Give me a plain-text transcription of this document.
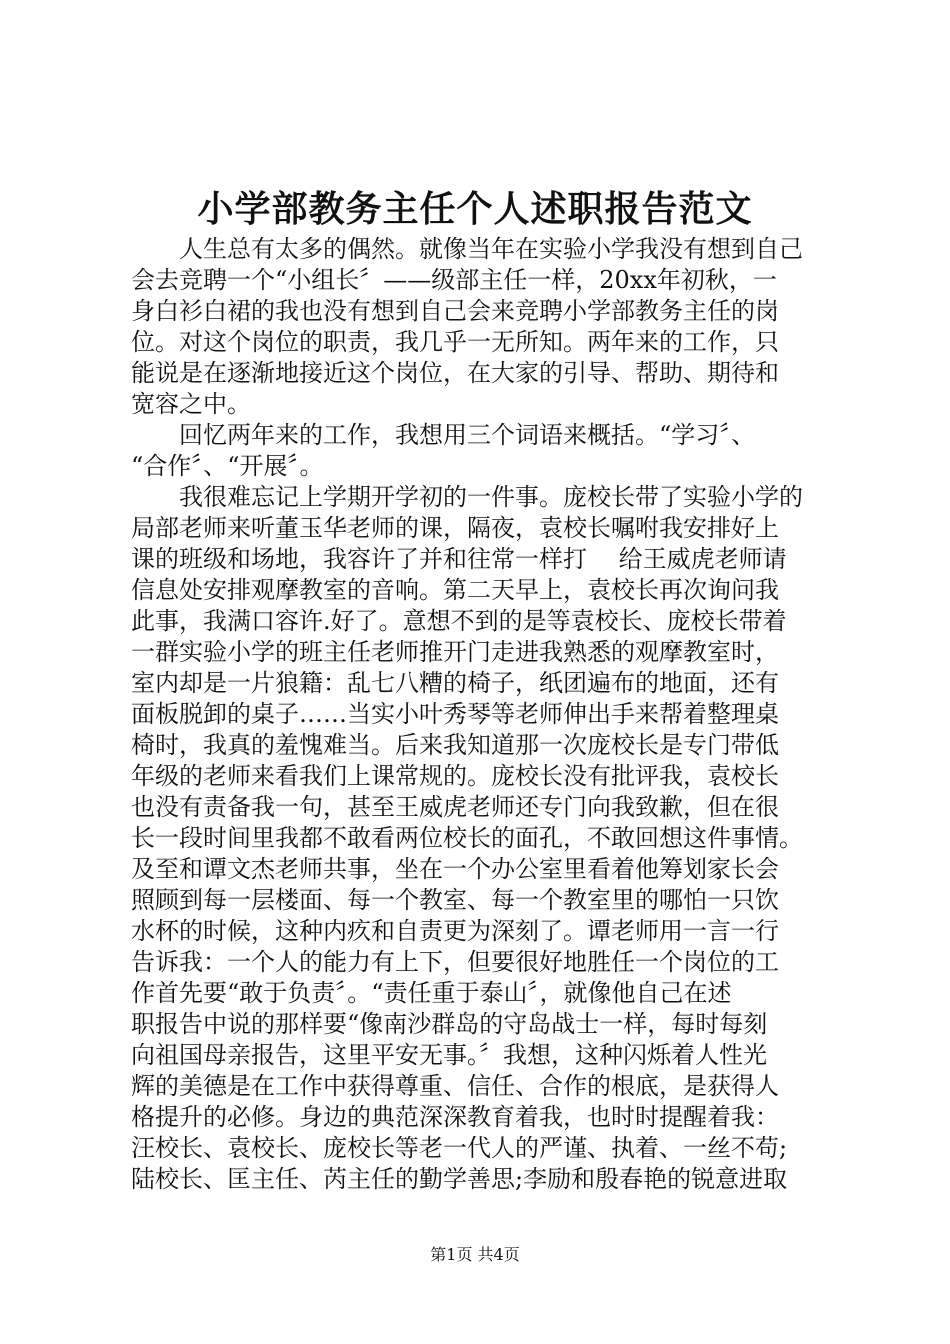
小学部教务主任个人述职报告范文
人生总有太多的偶然。就像当年在实验小学我没有想到自己
会去竞聘一个“小组长〞——级部主任一样，20xx年初秋，一
身白衫白裙的我也没有想到自己会来竞聘小学部教务主任的岗
位。对这个岗位的职责，我几乎一无所知。两年来的工作，只
能说是在逐渐地接近这个岗位，在大家的引导、帮助、期待和
宽容之中。
回忆两年来的工作，我想用三个词语来概括。“学习〞、
“合作〞、“开展〞。
我很难忘记上学期开学初的一件事。庞校长带了实验小学的
局部老师来听董玉华老师的课，隔夜，袁校长嘱咐我安排好上
课的班级和场地，我容许了并和往常一样打　 给王威虎老师请
信息处安排观摩教室的音响。第二天早上，袁校长再次询问我
此事，我满口容许.好了。意想不到的是等袁校长、庞校长带着
一群实验小学的班主任老师推开门走进我熟悉的观摩教室时，
室内却是一片狼籍：乱七八糟的椅子，纸团遍布的地面，还有
面板脱卸的桌子……当实小叶秀琴等老师伸出手来帮着整理桌
椅时，我真的羞愧难当。后来我知道那一次庞校长是专门带低
年级的老师来看我们上课常规的。庞校长没有批评我，袁校长
也没有责备我一句，甚至王威虎老师还专门向我致歉，但在很
长一段时间里我都不敢看两位校长的面孔，不敢回想这件事情。
及至和谭文杰老师共事，坐在一个办公室里看着他筹划家长会
照顾到每一层楼面、每一个教室、每一个教室里的哪怕一只饮
水杯的时候，这种内疚和自责更为深刻了。谭老师用一言一行
告诉我：一个人的能力有上下，但要很好地胜任一个岗位的工
作首先要“敢于负责〞。“责任重于泰山〞，就像他自己在述
职报告中说的那样要“像南沙群岛的守岛战士一样，每时每刻
向祖国母亲报告，这里平安无事。〞我想，这种闪烁着人性光
辉的美德是在工作中获得尊重、信任、合作的根底，是获得人
格提升的必修。身边的典范深深教育着我，也时时提醒着我：
汪校长、袁校长、庞校长等老一代人的严谨、执着、一丝不苟;
陆校长、匡主任、芮主任的勤学善思;李励和殷春艳的锐意进取
第1页 共4页
